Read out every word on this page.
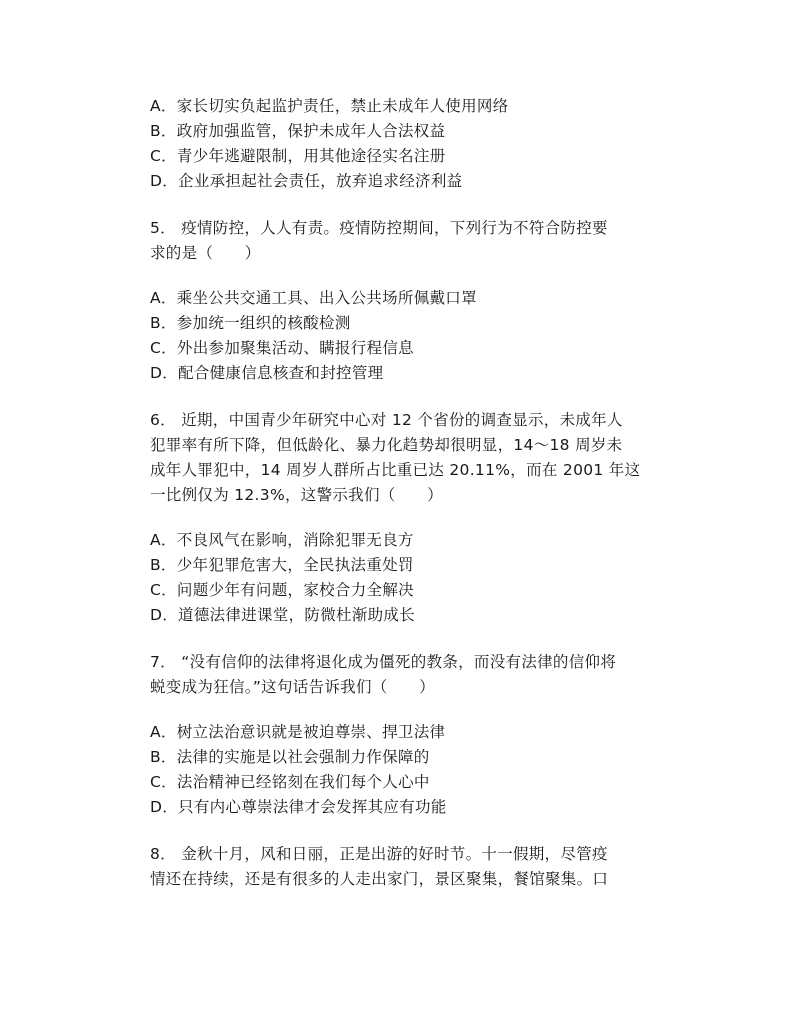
A．家长切实负起监护责任，禁止未成年人使用网络
B．政府加强监管，保护未成年人合法权益
C．青少年逃避限制，用其他途径实名注册
D．企业承担起社会责任，放弃追求经济利益
5． 疫情防控，人人有责。疫情防控期间，下列行为不符合防控要
求的是（　　）
A．乘坐公共交通工具、出入公共场所佩戴口罩
B．参加统一组织的核酸检测
C．外出参加聚集活动、瞒报行程信息
D．配合健康信息核查和封控管理
6． 近期，中国青少年研究中心对 12 个省份的调查显示，未成年人
犯罪率有所下降，但低龄化、暴力化趋势却很明显，14～18 周岁未
成年人罪犯中，14 周岁人群所占比重已达 20.11%，而在 2001 年这
一比例仅为 12.3%，这警示我们（　　）
A．不良风气在影响，消除犯罪无良方
B．少年犯罪危害大，全民执法重处罚
C．问题少年有问题，家校合力全解决
D．道德法律进课堂，防微杜渐助成长
7． “没有信仰的法律将退化成为僵死的教条，而没有法律的信仰将
蜕变成为狂信。”这句话告诉我们（　　）
A．树立法治意识就是被迫尊崇、捍卫法律
B．法律的实施是以社会强制力作保障的
C．法治精神已经铭刻在我们每个人心中
D．只有内心尊崇法律才会发挥其应有功能
8． 金秋十月，风和日丽，正是出游的好时节。十一假期，尽管疫
情还在持续，还是有很多的人走出家门，景区聚集，餐馆聚集。口
